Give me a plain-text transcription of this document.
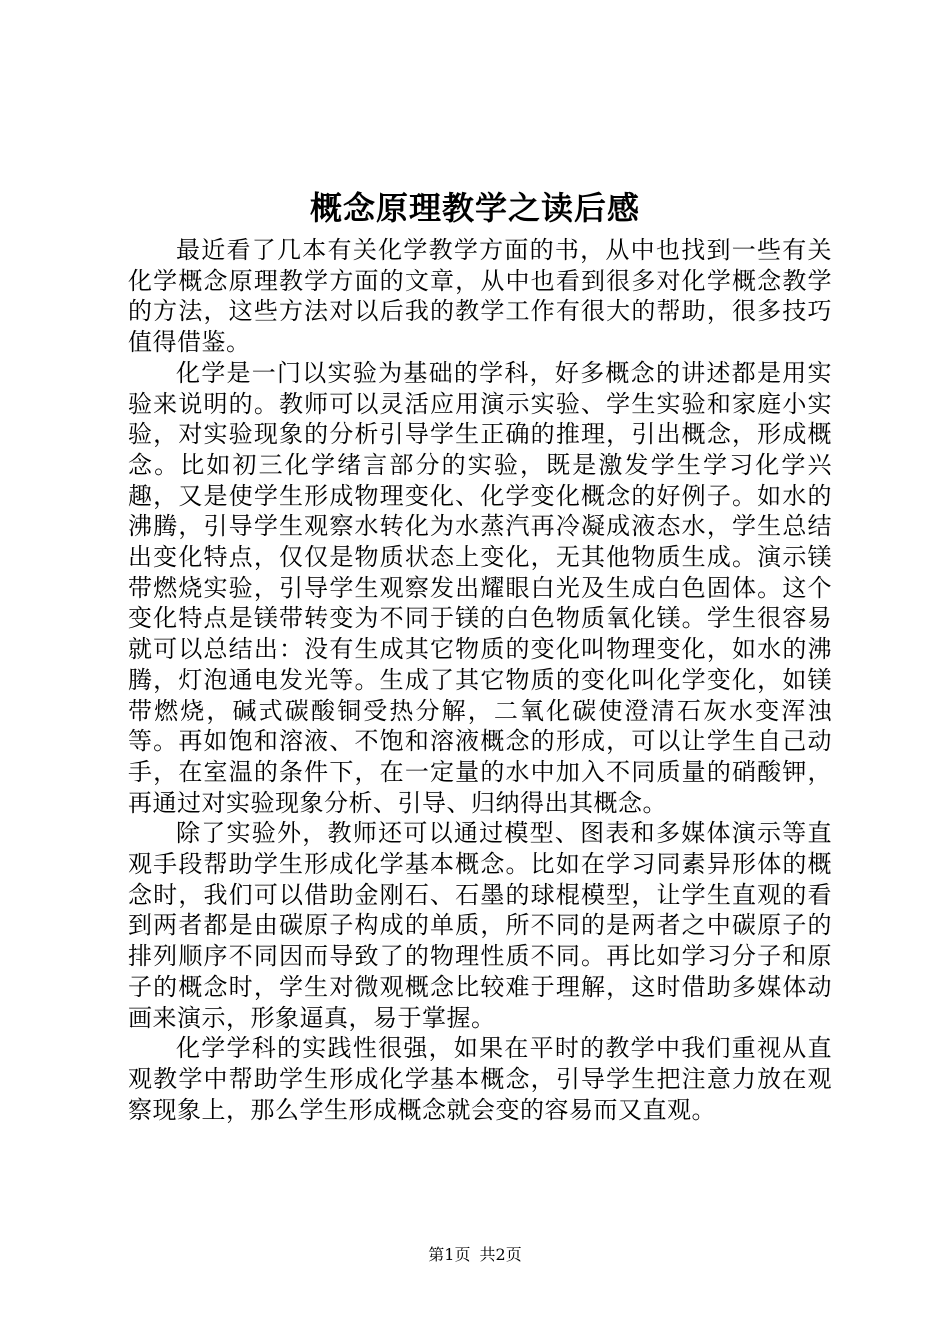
概念原理教学之读后感

最近看了几本有关化学教学方面的书，从中也找到一些有关化学概念原理教学方面的文章，从中也看到很多对化学概念教学的方法，这些方法对以后我的教学工作有很大的帮助，很多技巧值得借鉴。

化学是一门以实验为基础的学科，好多概念的讲述都是用实验来说明的。教师可以灵活应用演示实验、学生实验和家庭小实验，对实验现象的分析引导学生正确的推理，引出概念，形成概念。比如初三化学绪言部分的实验，既是激发学生学习化学兴趣，又是使学生形成物理变化、化学变化概念的好例子。如水的沸腾，引导学生观察水转化为水蒸汽再冷凝成液态水，学生总结出变化特点，仅仅是物质状态上变化，无其他物质生成。演示镁带燃烧实验，引导学生观察发出耀眼白光及生成白色固体。这个变化特点是镁带转变为不同于镁的白色物质氧化镁。学生很容易就可以总结出：没有生成其它物质的变化叫物理变化，如水的沸腾，灯泡通电发光等。生成了其它物质的变化叫化学变化，如镁带燃烧，碱式碳酸铜受热分解，二氧化碳使澄清石灰水变浑浊等。再如饱和溶液、不饱和溶液概念的形成，可以让学生自己动手，在室温的条件下，在一定量的水中加入不同质量的硝酸钾，再通过对实验现象分析、引导、归纳得出其概念。

除了实验外，教师还可以通过模型、图表和多媒体演示等直观手段帮助学生形成化学基本概念。比如在学习同素异形体的概念时，我们可以借助金刚石、石墨的球棍模型，让学生直观的看到两者都是由碳原子构成的单质，所不同的是两者之中碳原子的排列顺序不同因而导致了的物理性质不同。再比如学习分子和原子的概念时，学生对微观概念比较难于理解，这时借助多媒体动画来演示，形象逼真，易于掌握。

化学学科的实践性很强，如果在平时的教学中我们重视从直观教学中帮助学生形成化学基本概念，引导学生把注意力放在观察现象上，那么学生形成概念就会变的容易而又直观。

第1页 共2页
